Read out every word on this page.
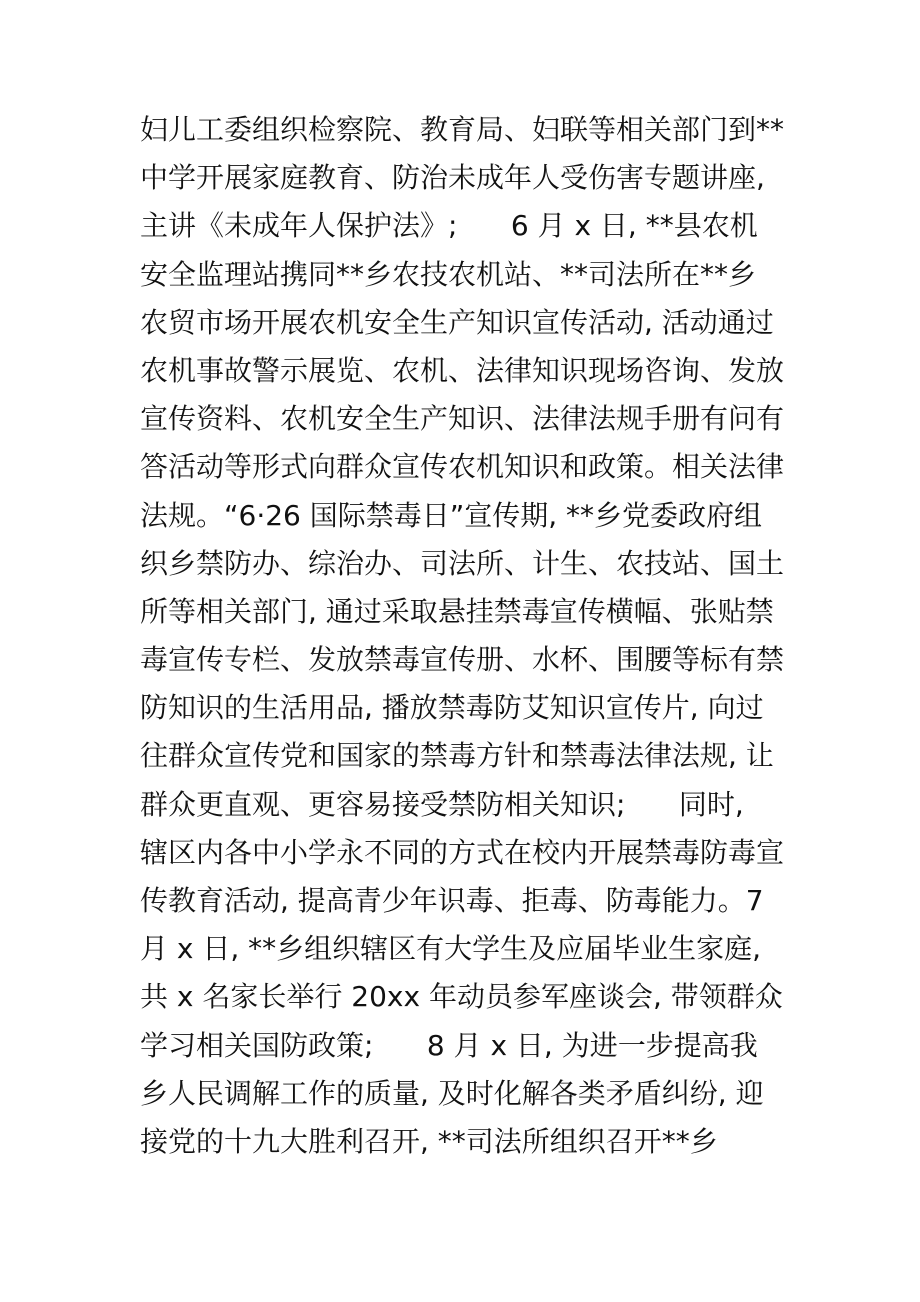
妇儿工委组织检察院、教育局、妇联等相关部门到**
中学开展家庭教育、防治未成年人受伤害专题讲座,
主讲《未成年人保护法》;      6 月 x 日, **县农机
安全监理站携同**乡农技农机站、**司法所在**乡
农贸市场开展农机安全生产知识宣传活动, 活动通过
农机事故警示展览、农机、法律知识现场咨询、发放
宣传资料、农机安全生产知识、法律法规手册有问有
答活动等形式向群众宣传农机知识和政策。相关法律
法规。“6·26 国际禁毒日”宣传期, **乡党委政府组
织乡禁防办、综治办、司法所、计生、农技站、国土
所等相关部门, 通过采取悬挂禁毒宣传横幅、张贴禁
毒宣传专栏、发放禁毒宣传册、水杯、围腰等标有禁
防知识的生活用品, 播放禁毒防艾知识宣传片, 向过
往群众宣传党和国家的禁毒方针和禁毒法律法规, 让
群众更直观、更容易接受禁防相关知识;      同时,
辖区内各中小学永不同的方式在校内开展禁毒防毒宣
传教育活动, 提高青少年识毒、拒毒、防毒能力。7
月 x 日, **乡组织辖区有大学生及应届毕业生家庭,
共 x 名家长举行 20xx 年动员参军座谈会, 带领群众
学习相关国防政策;      8 月 x 日, 为进一步提高我
乡人民调解工作的质量, 及时化解各类矛盾纠纷, 迎
接党的十九大胜利召开, **司法所组织召开**乡
